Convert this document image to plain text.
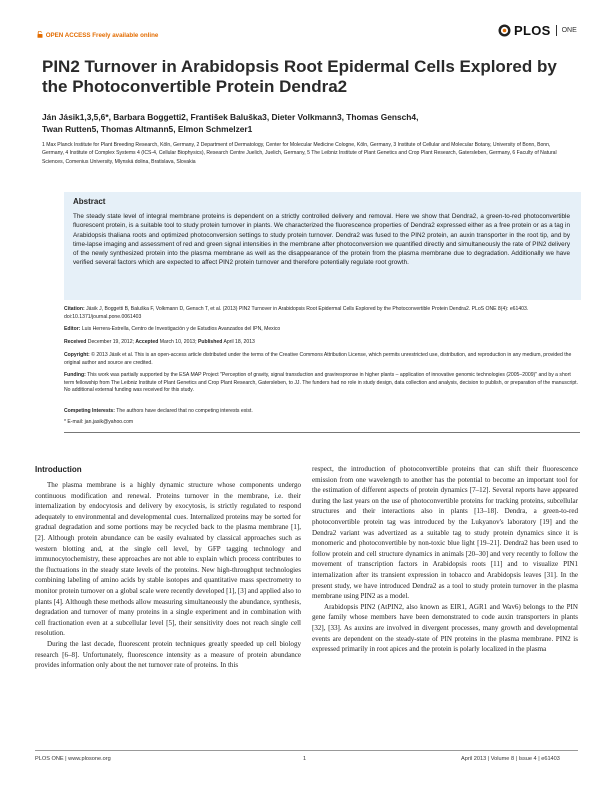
OPEN ACCESS Freely available online	PLOS ONE
PIN2 Turnover in Arabidopsis Root Epidermal Cells Explored by the Photoconvertible Protein Dendra2
Ján Jásik1,3,5,6*, Barbara Boggetti2, František Baluška3, Dieter Volkmann3, Thomas Gensch4,
Twan Rutten5, Thomas Altmann5, Elmon Schmelzer1
1 Max Planck Institute for Plant Breeding Research, Köln, Germany, 2 Department of Dermatology, Center for Molecular Medicine Cologne, Köln, Germany, 3 Institute of Cellular and Molecular Botany, University of Bonn, Bonn, Germany, 4 Institute of Complex Systems 4 (ICS-4, Cellular Biophysics), Research Centre Juelich, Juelich, Germany, 5 The Leibniz Institute of Plant Genetics and Crop Plant Research, Gatersleben, Germany, 6 Faculty of Natural Sciences, Comenius University, Mlynská dolina, Bratislava, Slovakia
Abstract
The steady state level of integral membrane proteins is dependent on a strictly controlled delivery and removal. Here we show that Dendra2, a green-to-red photoconvertible fluorescent protein, is a suitable tool to study protein turnover in plants. We characterized the fluorescence properties of Dendra2 expressed either as a free protein or as a tag in Arabidopsis thaliana roots and optimized photoconversion settings to study protein turnover. Dendra2 was fused to the PIN2 protein, an auxin transporter in the root tip, and by time-lapse imaging and assessment of red and green signal intensities in the membrane after photoconversion we quantified directly and simultaneously the rate of PIN2 delivery of the newly synthesized protein into the plasma membrane as well as the disappearance of the protein from the plasma membrane due to degradation. Additionally we have verified several factors which are expected to affect PIN2 protein turnover and therefore potentially regulate root growth.
Citation: Jásik J, Boggetti B, Baluška F, Volkmann D, Gensch T, et al. (2013) PIN2 Turnover in Arabidopsis Root Epidermal Cells Explored by the Photoconvertible Protein Dendra2. PLoS ONE 8(4): e61403. doi:10.1371/journal.pone.0061403
Editor: Luis Herrera-Estrella, Centro de Investigación y de Estudios Avanzados del IPN, Mexico
Received December 19, 2012; Accepted March 10, 2013; Published April 18, 2013
Copyright: © 2013 Jásik et al. This is an open-access article distributed under the terms of the Creative Commons Attribution License, which permits unrestricted use, distribution, and reproduction in any medium, provided the original author and source are credited.
Funding: This work was partially supported by the ESA MAP Project "Perception of gravity, signal transduction and gravirespronse in higher plants – application of innovative genomic technologies (2005–2009)" and by a short term fellowship from The Leibniz Institute of Plant Genetics and Crop Plant Research, Gatersleben, to JJ. The funders had no role in study design, data collection and analysis, decision to publish, or preparation of the manuscript. No additional external funding was received for this study.
Competing Interests: The authors have declared that no competing interests exist.
* E-mail: jan.jasik@yahoo.com
Introduction

The plasma membrane is a highly dynamic structure whose components undergo continuous modification and renewal. Proteins turnover in the membrane, i.e. their internalization by endocytosis and delivery by exocytosis, is strictly regulated to respond adequately to environmental and developmental cues. Internalized proteins may be sorted for gradual degradation and some portions may be recycled back to the plasma membrane [1], [2]. Although protein abundance can be easily evaluated by classical approaches such as western blotting and, at the single cell level, by GFP tagging technology and immunocytochemistry, these approaches are not able to explain which process contributes to the fluctuations in the steady state levels of the proteins. New high-throughput technologies combining labeling of amino acids by stable isotopes and quantitative mass spectrometry to monitor protein turnover on a global scale were recently developed [1], [3] and applied also to plants [4]. Although these methods allow measuring simultaneously the abundance, synthesis, degradation and turnover of many proteins in a single experiment and in combination with cell fractionation even at a subcellular level [5], their sensitivity does not reach single cell resolution.

During the last decade, fluorescent protein techniques greatly speeded up cell biology research [6–8]. Unfortunately, fluorescence intensity as a measure of protein abundance provides information only about the net turnover rate of proteins. In this

respect, the introduction of photoconvertible proteins that can shift their fluorescence emission from one wavelength to another has the potential to become an important tool for the estimation of different aspects of protein dynamics [7–12]. Several reports have appeared during the last years on the use of photoconvertible proteins for tracking proteins, subcellular structures and their interactions also in plants [13–18]. Dendra, a green-to-red photoconvertible protein tag was introduced by the Lukyanov's laboratory [19] and the Dendra2 variant was advertized as a suitable tag to study protein dynamics since it is monomeric and photoconvertible by non-toxic blue light [19–21]. Dendra2 has been used to follow protein and cell structure dynamics in animals [20–30] and very recently to follow the movement of transcription factors in Arabidopsis roots [11] and to visualize PIN1 internalization after its transient expression in tobacco and Arabidopsis leaves [31]. In the present study, we have introduced Dendra2 as a tool to study protein turnover in the plasma membrane using PIN2 as a model.

Arabidopsis PIN2 (AtPIN2, also known as EIR1, AGR1 and Wav6) belongs to the PIN gene family whose members have been demonstrated to code auxin transporters in plants [32], [33]. As auxins are involved in divergent processes, many growth and developmental events are dependent on the steady-state of PIN proteins in the plasma membrane. PIN2 is expressed primarily in root apices and the protein is polarly localized in the plasma

PLOS ONE | www.plosone.org	1	April 2013 | Volume 8 | Issue 4 | e61403
